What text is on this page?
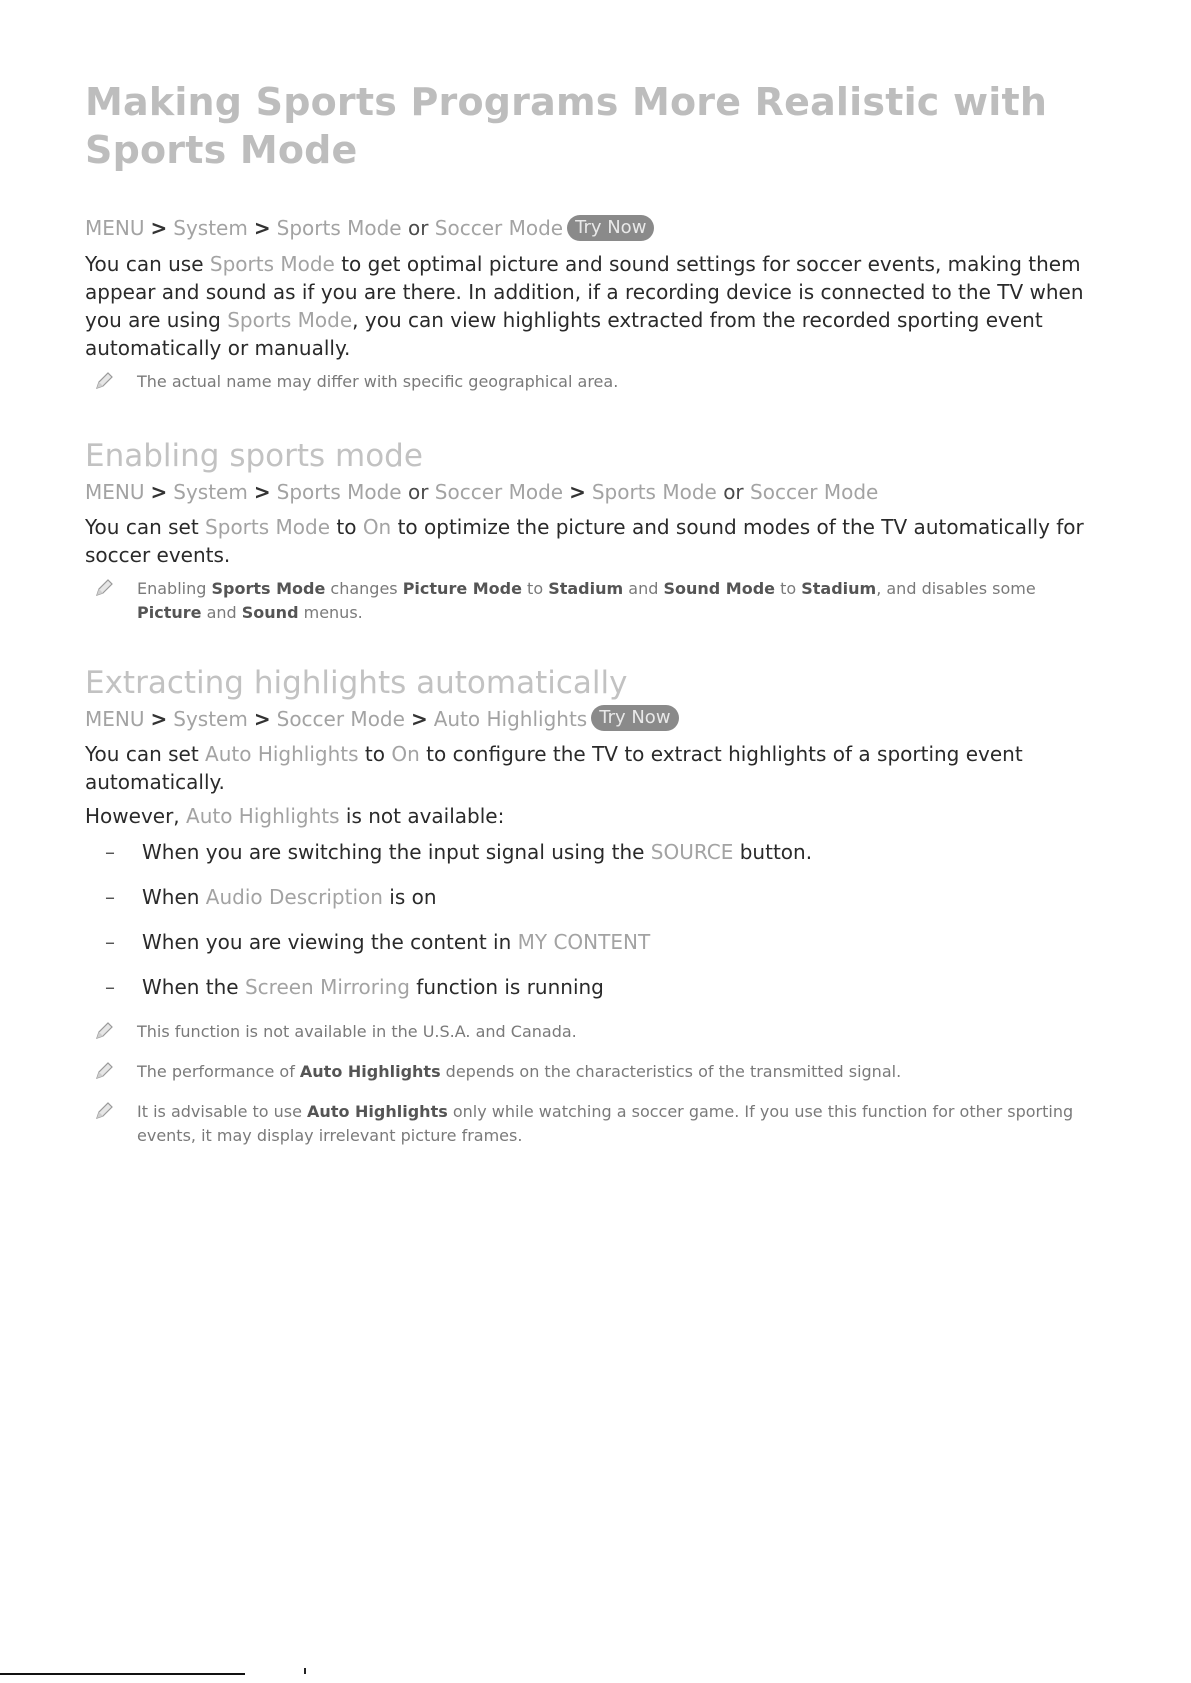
Making Sports Programs More Realistic with Sports Mode

MENU > System > Sports Mode or Soccer Mode Try Now

You can use Sports Mode to get optimal picture and sound settings for soccer events, making them appear and sound as if you are there. In addition, if a recording device is connected to the TV when you are using Sports Mode, you can view highlights extracted from the recorded sporting event automatically or manually.

The actual name may differ with specific geographical area.

Enabling sports mode

MENU > System > Sports Mode or Soccer Mode > Sports Mode or Soccer Mode

You can set Sports Mode to On to optimize the picture and sound modes of the TV automatically for soccer events.

Enabling Sports Mode changes Picture Mode to Stadium and Sound Mode to Stadium, and disables some Picture and Sound menus.

Extracting highlights automatically

MENU > System > Soccer Mode > Auto Highlights Try Now

You can set Auto Highlights to On to configure the TV to extract highlights of a sporting event automatically.

However, Auto Highlights is not available:

– When you are switching the input signal using the SOURCE button.
– When Audio Description is on
– When you are viewing the content in MY CONTENT
– When the Screen Mirroring function is running

This function is not available in the U.S.A. and Canada.

The performance of Auto Highlights depends on the characteristics of the transmitted signal.

It is advisable to use Auto Highlights only while watching a soccer game. If you use this function for other sporting events, it may display irrelevant picture frames.
